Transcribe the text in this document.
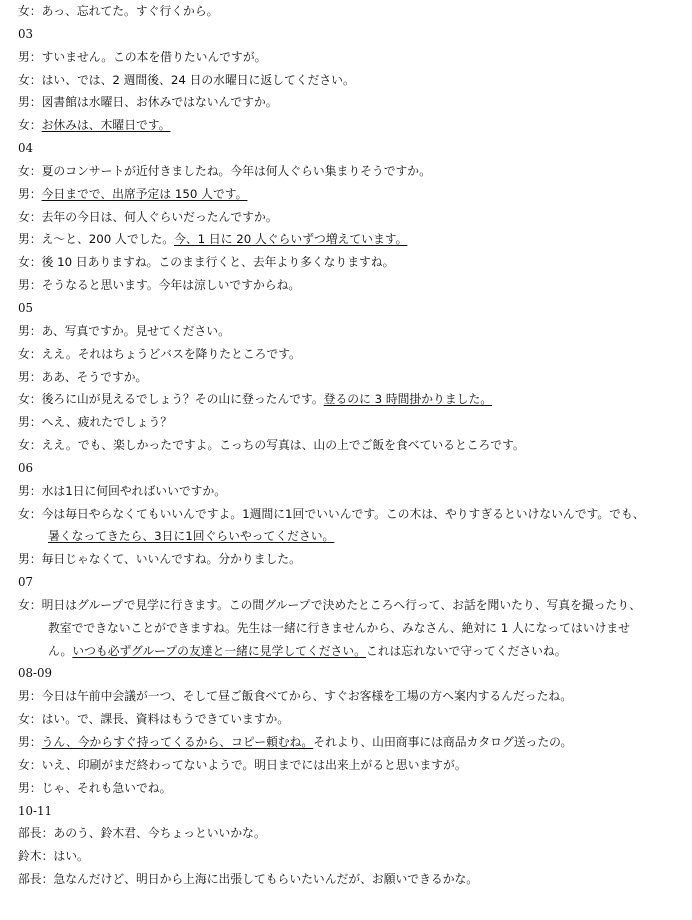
女：あっ、忘れてた。すぐ行くから。
03
男：すいません。この本を借りたいんですが。
女：はい、では、2 週間後、24 日の水曜日に返してください。
男：図書館は水曜日、お休みではないんですか。
女：お休みは、木曜日です。
04
女：夏のコンサートが近付きましたね。今年は何人ぐらい集まりそうですか。
男：今日までで、出席予定は 150 人です。
女：去年の今日は、何人ぐらいだったんですか。
男：え～と、200 人でした。今、1 日に 20 人ぐらいずつ増えています。
女：後 10 日ありますね。このまま行くと、去年より多くなりますね。
男：そうなると思います。今年は涼しいですからね。
05
男：あ、写真ですか。見せてください。
女：ええ。それはちょうどバスを降りたところです。
男：ああ、そうですか。
女：後ろに山が見えるでしょう？その山に登ったんです。登るのに 3 時間掛かりました。
男：へえ、疲れたでしょう？
女：ええ。でも、楽しかったですよ。こっちの写真は、山の上でご飯を食べているところです。
06
男：水は1日に何回やればいいですか。
女：今は毎日やらなくてもいいんですよ。1週間に1回でいいんです。この木は、やりすぎるといけないんです。でも、
暑くなってきたら、3日に1回ぐらいやってください。
男：毎日じゃなくて、いいんですね。分かりました。
07
女：明日はグループで見学に行きます。この間グループで決めたところへ行って、お話を聞いたり、写真を撮ったり、
教室でできないことができますね。先生は一緒に行きませんから、みなさん、絶対に 1 人になってはいけませ
ん。いつも必ずグループの友達と一緒に見学してください。これは忘れないで守ってくださいね。
08-09
男：今日は午前中会議が一つ、そして昼ご飯食べてから、すぐお客様を工場の方へ案内するんだったね。
女：はい。で、課長、資料はもうできていますか。
男：うん、今からすぐ持ってくるから、コピー頼むね。それより、山田商事には商品カタログ送ったの。
女：いえ、印刷がまだ終わってないようで。明日までには出来上がると思いますが。
男：じゃ、それも急いでね。
10-11
部長：あのう、鈴木君、今ちょっといいかな。
鈴木：はい。
部長：急なんだけど、明日から上海に出張してもらいたいんだが、お願いできるかな。
